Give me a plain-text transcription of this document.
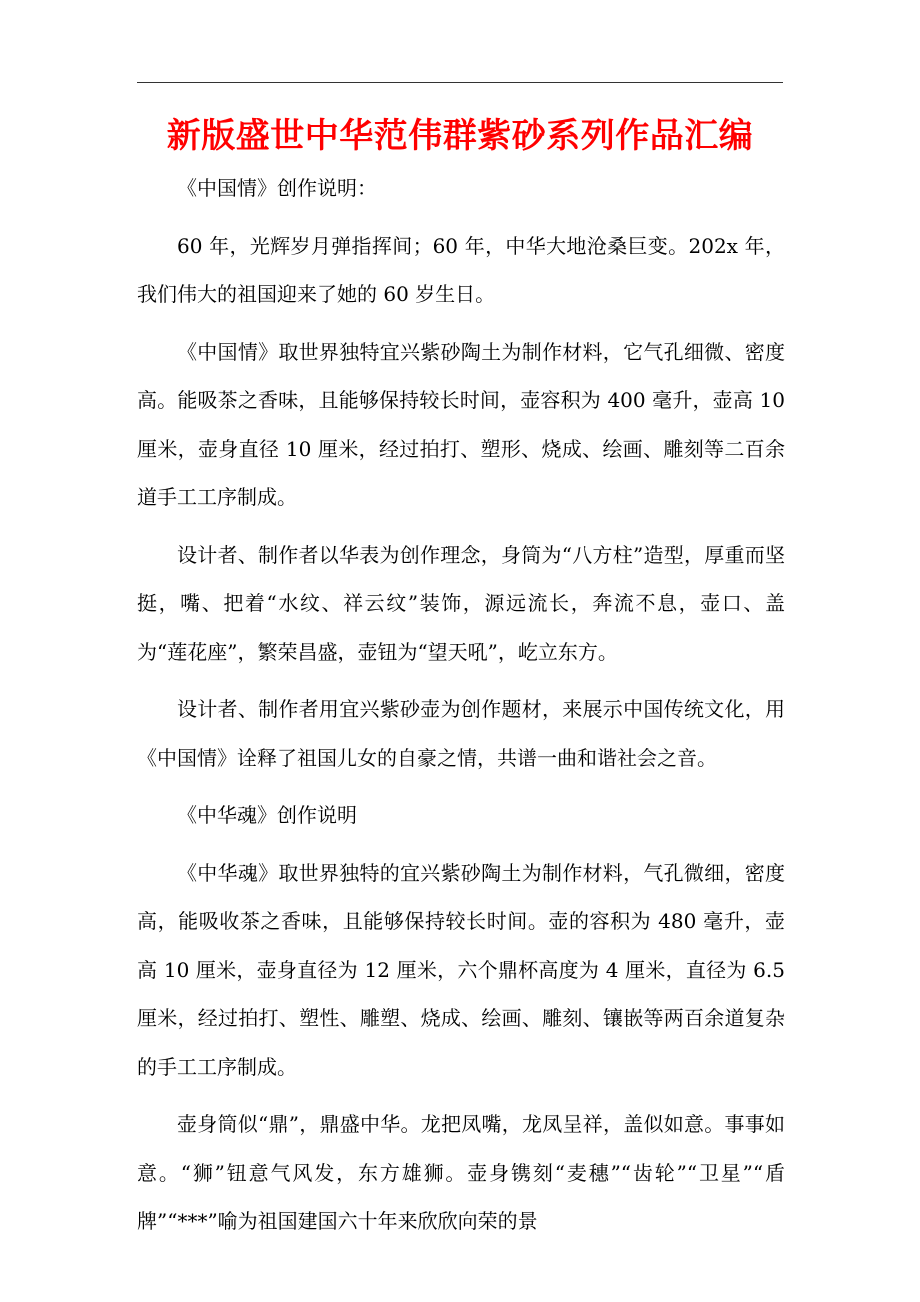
新版盛世中华范伟群紫砂系列作品汇编

《中国情》创作说明：

60 年，光辉岁月弹指挥间；60 年，中华大地沧桑巨变。202x 年，我们伟大的祖国迎来了她的 60 岁生日。

《中国情》取世界独特宜兴紫砂陶土为制作材料，它气孔细微、密度高。能吸茶之香味，且能够保持较长时间，壶容积为 400 毫升，壶高 10 厘米，壶身直径 10 厘米，经过拍打、塑形、烧成、绘画、雕刻等二百余道手工工序制成。

设计者、制作者以华表为创作理念，身筒为“八方柱”造型，厚重而坚挺，嘴、把着“水纹、祥云纹”装饰，源远流长，奔流不息，壶口、盖为“莲花座”，繁荣昌盛，壶钮为“望天吼”，屹立东方。

设计者、制作者用宜兴紫砂壶为创作题材，来展示中国传统文化，用《中国情》诠释了祖国儿女的自豪之情，共谱一曲和谐社会之音。

《中华魂》创作说明

《中华魂》取世界独特的宜兴紫砂陶土为制作材料，气孔微细，密度高，能吸收茶之香味，且能够保持较长时间。壶的容积为 480 毫升，壶高 10 厘米，壶身直径为 12 厘米，六个鼎杯高度为 4 厘米，直径为 6.5 厘米，经过拍打、塑性、雕塑、烧成、绘画、雕刻、镶嵌等两百余道复杂的手工工序制成。

壶身筒似“鼎”，鼎盛中华。龙把凤嘴，龙凤呈祥，盖似如意。事事如意。“狮”钮意气风发，东方雄狮。壶身镌刻“麦穗”“齿轮”“卫星”“盾牌”“***”喻为祖国建国六十年来欣欣向荣的景
